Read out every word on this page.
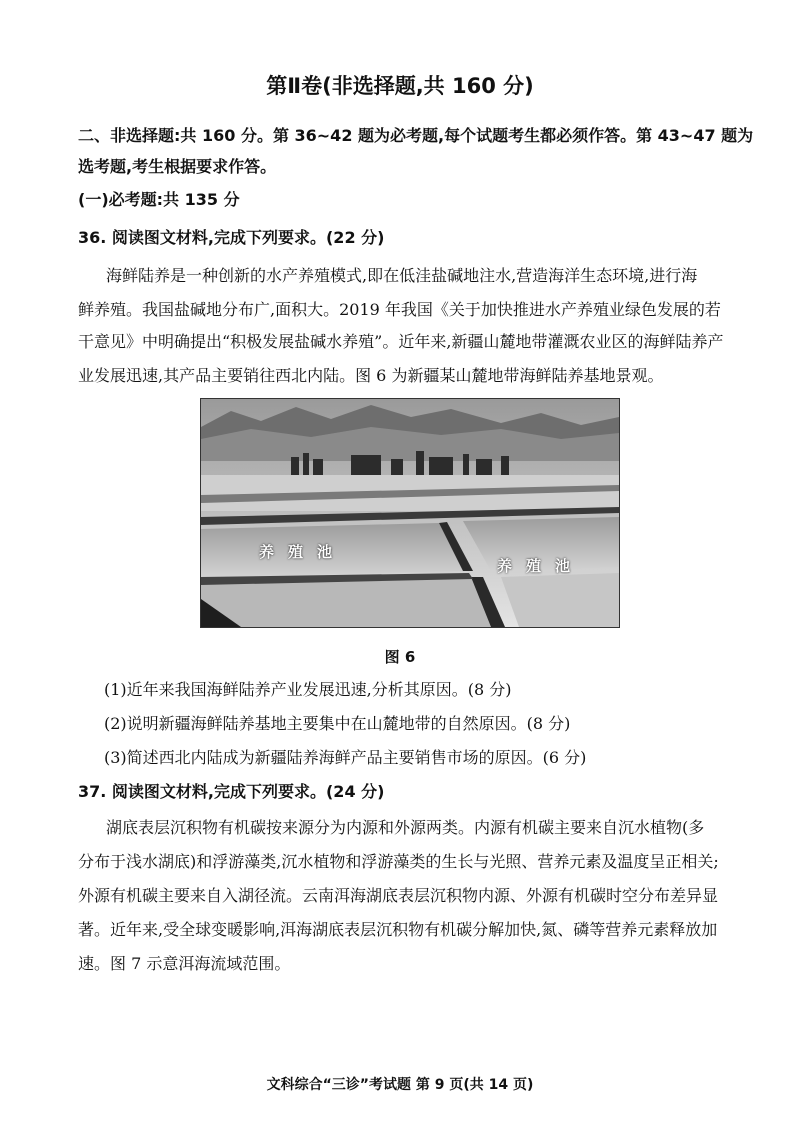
第Ⅱ卷(非选择题,共 160 分)
二、非选择题:共 160 分。第 36~42 题为必考题,每个试题考生都必须作答。第 43~47 题为
选考题,考生根据要求作答。
(一)必考题:共 135 分
36. 阅读图文材料,完成下列要求。(22 分)
海鲜陆养是一种创新的水产养殖模式,即在低洼盐碱地注水,营造海洋生态环境,进行海
鲜养殖。我国盐碱地分布广,面积大。2019 年我国《关于加快推进水产养殖业绿色发展的若
干意见》中明确提出“积极发展盐碱水养殖”。近年来,新疆山麓地带灌溉农业区的海鲜陆养产
业发展迅速,其产品主要销往西北内陆。图 6 为新疆某山麓地带海鲜陆养基地景观。
养殖池
养殖池
图 6
(1)近年来我国海鲜陆养产业发展迅速,分析其原因。(8 分)
(2)说明新疆海鲜陆养基地主要集中在山麓地带的自然原因。(8 分)
(3)简述西北内陆成为新疆陆养海鲜产品主要销售市场的原因。(6 分)
37. 阅读图文材料,完成下列要求。(24 分)
湖底表层沉积物有机碳按来源分为内源和外源两类。内源有机碳主要来自沉水植物(多
分布于浅水湖底)和浮游藻类,沉水植物和浮游藻类的生长与光照、营养元素及温度呈正相关;
外源有机碳主要来自入湖径流。云南洱海湖底表层沉积物内源、外源有机碳时空分布差异显
著。近年来,受全球变暖影响,洱海湖底表层沉积物有机碳分解加快,氮、磷等营养元素释放加
速。图 7 示意洱海流域范围。
文科综合“三诊”考试题 第 9 页(共 14 页)
